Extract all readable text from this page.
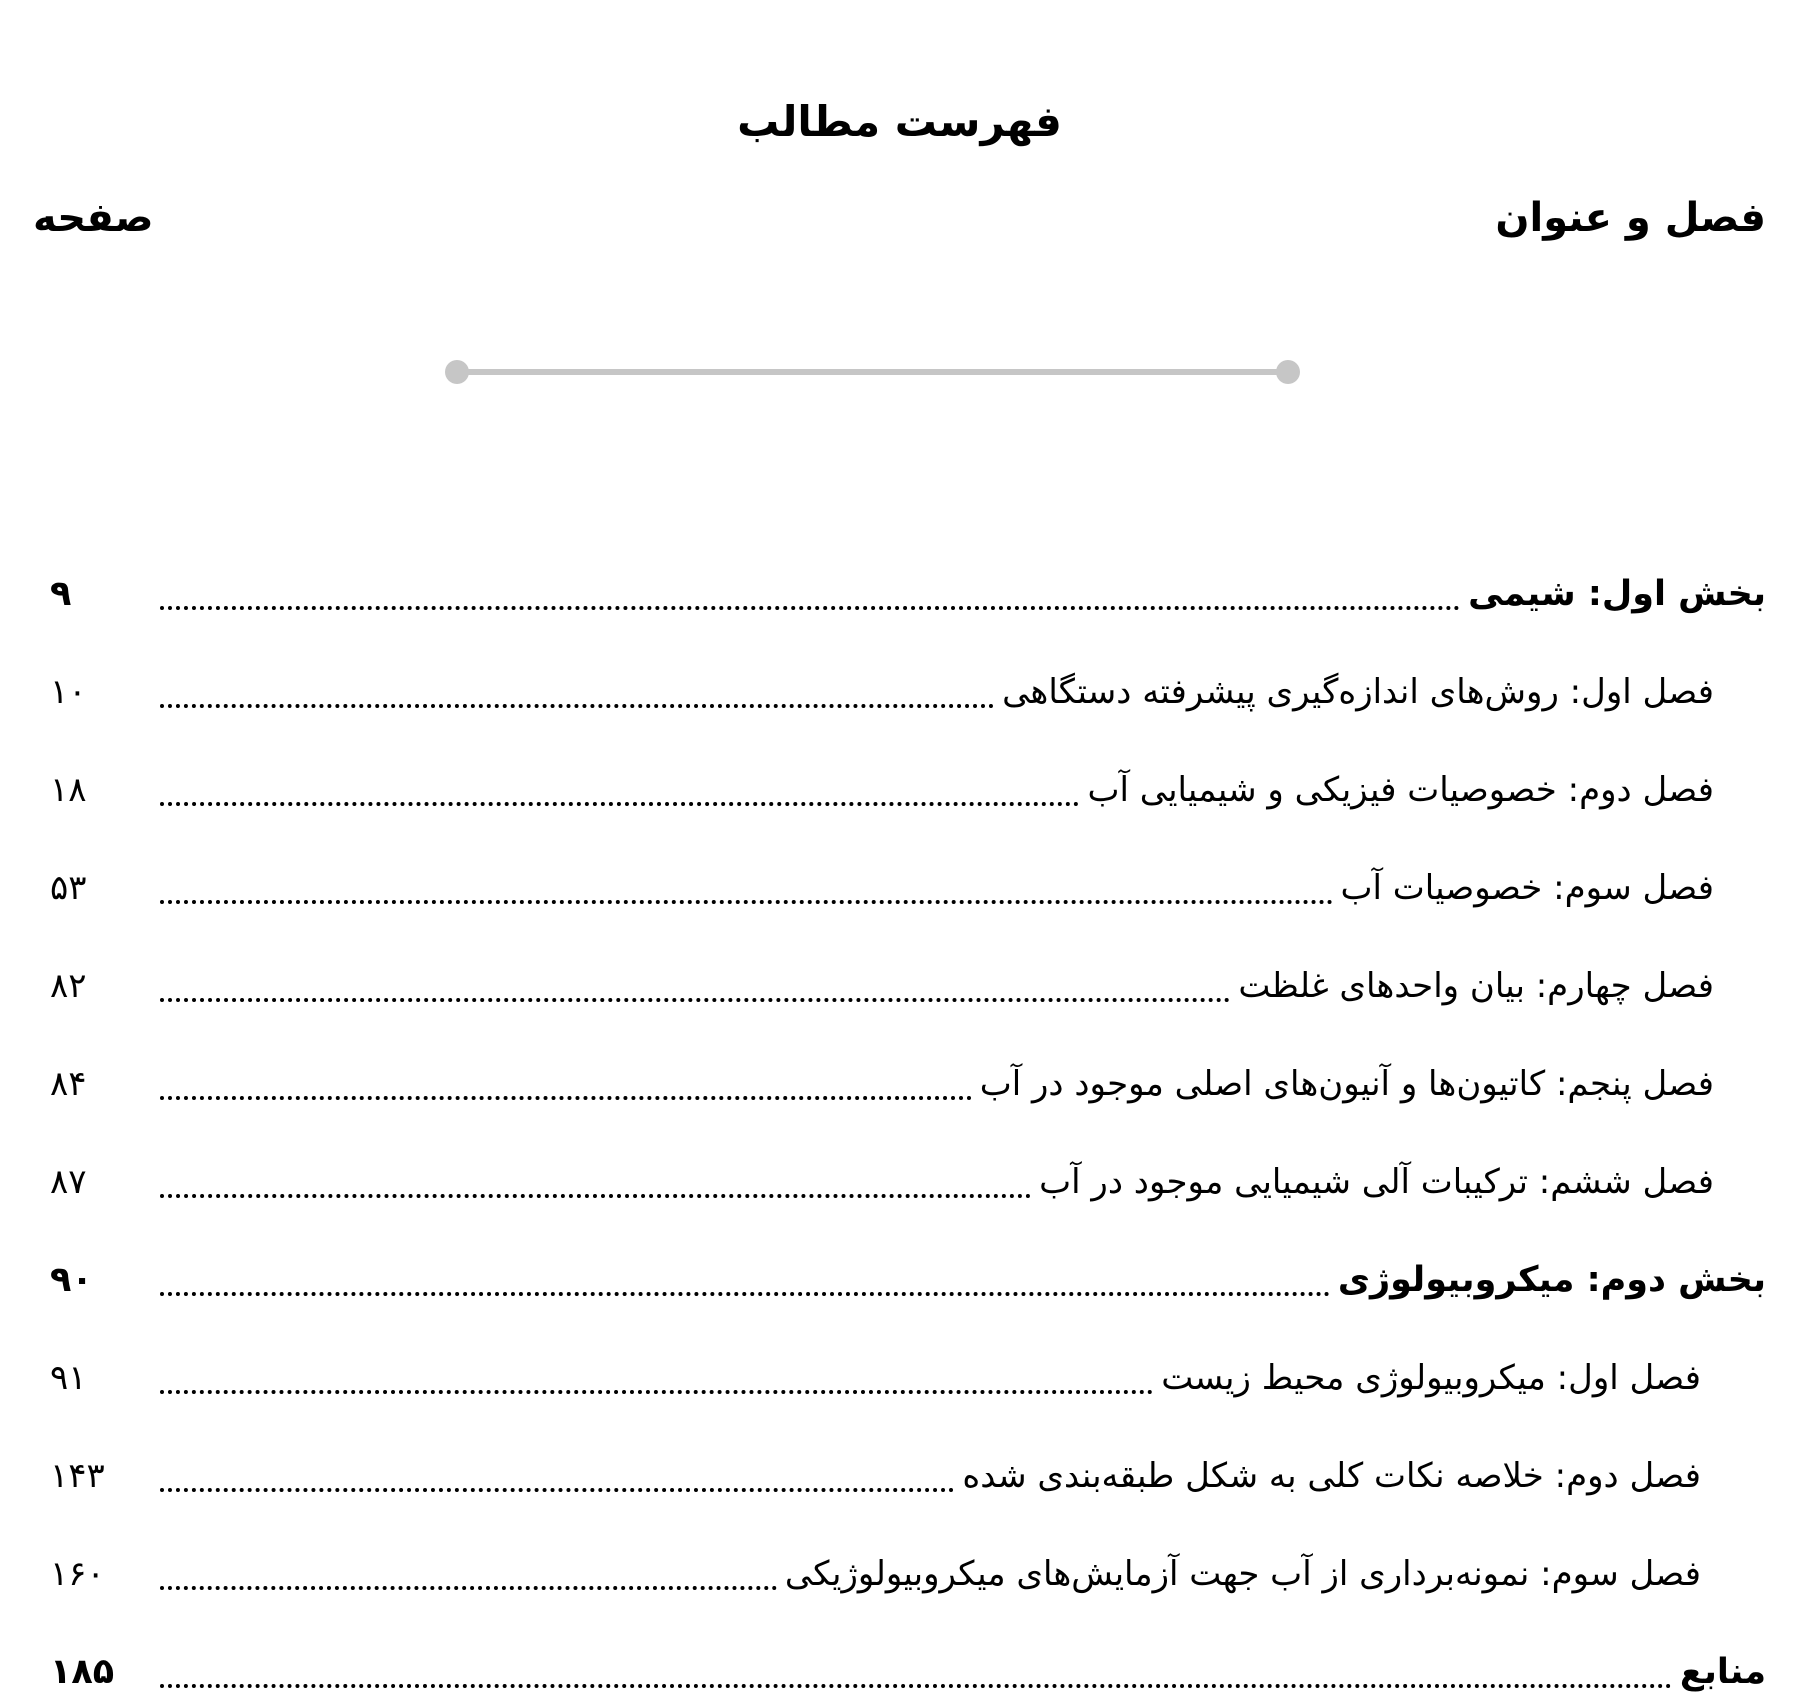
فهرست مطالب
فصل و عنوان
صفحه
بخش اول: شیمی
۹
فصل اول: روش‌های اندازه‌گیری پیشرفته دستگاهی
۱۰
فصل دوم: خصوصیات فیزیکی و شیمیایی آب
۱۸
فصل سوم: خصوصیات آب
۵۳
فصل چهارم: بیان واحدهای غلظت
۸۲
فصل پنجم: کاتیون‌ها و آنیون‌های اصلی موجود در آب
۸۴
فصل ششم: ترکیبات آلی شیمیایی موجود در آب
۸۷
بخش دوم: میکروبیولوژی
۹۰
فصل اول: میکروبیولوژی محیط زیست
۹۱
فصل دوم: خلاصه نکات کلی به شکل طبقه‌بندی شده
۱۴۳
فصل سوم: نمونه‌برداری از آب جهت آزمایش‌های میکروبیولوژیکی
۱۶۰
منابع
۱۸۵
